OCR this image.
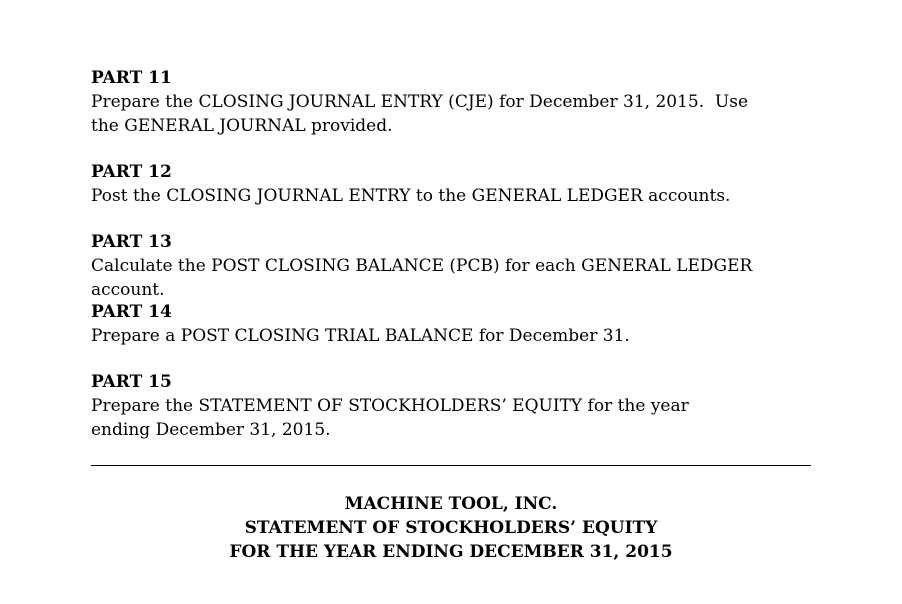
PART 11
Prepare the CLOSING JOURNAL ENTRY (CJE) for December 31, 2015.  Use the GENERAL JOURNAL provided.
PART 12
Post the CLOSING JOURNAL ENTRY to the GENERAL LEDGER accounts.
PART 13
Calculate the POST CLOSING BALANCE (PCB) for each GENERAL LEDGER account.
PART 14
Prepare a POST CLOSING TRIAL BALANCE for December 31.
PART 15
Prepare the STATEMENT OF STOCKHOLDERS’ EQUITY for the year ending December 31, 2015.
MACHINE TOOL, INC.
STATEMENT OF STOCKHOLDERS’ EQUITY
FOR THE YEAR ENDING DECEMBER 31, 2015
